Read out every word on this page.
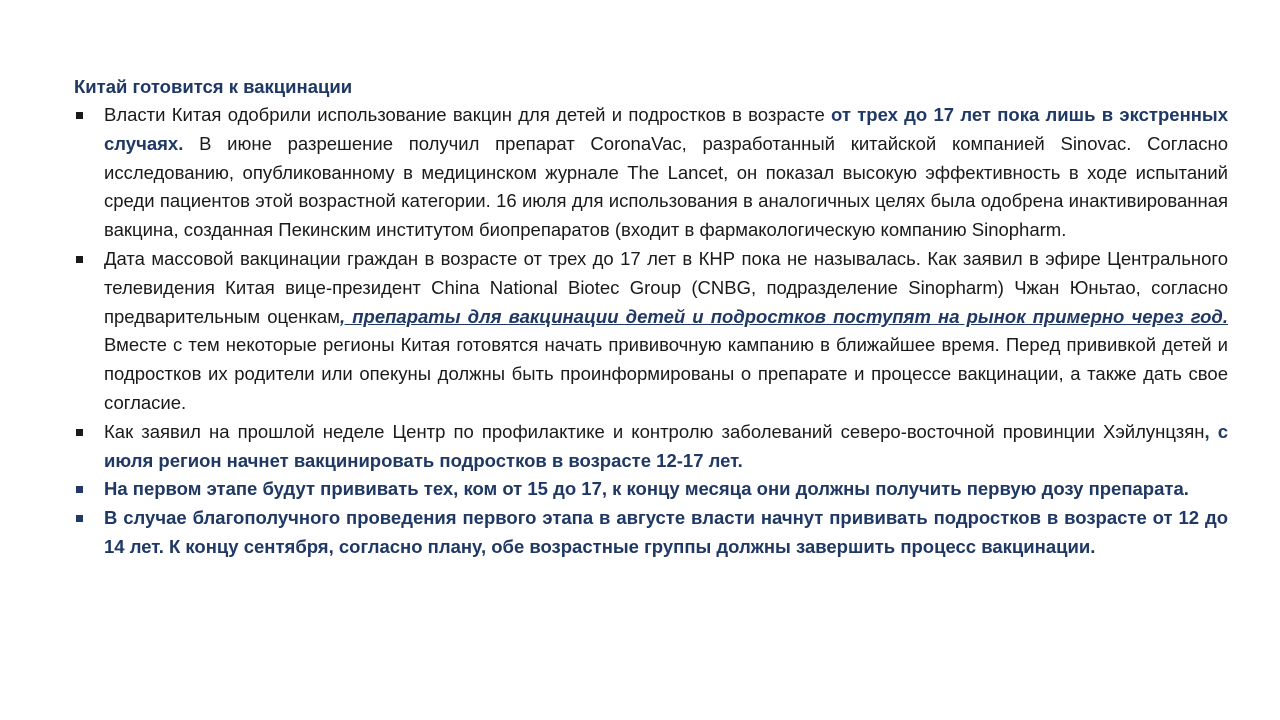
Китай готовится к вакцинации

Власти Китая одобрили использование вакцин для детей и подростков в возрасте от трех до 17 лет пока лишь в экстренных случаях. В июне разрешение получил препарат CoronaVac, разработанный китайской компанией Sinovac. Согласно исследованию, опубликованному в медицинском журнале The Lancet, он показал высокую эффективность в ходе испытаний среди пациентов этой возрастной категории. 16 июля для использования в аналогичных целях была одобрена инактивированная вакцина, созданная Пекинским институтом биопрепаратов (входит в фармакологическую компанию Sinopharm.
Дата массовой вакцинации граждан в возрасте от трех до 17 лет в КНР пока не называлась. Как заявил в эфире Центрального телевидения Китая вице-президент China National Biotec Group (CNBG, подразделение Sinopharm) Чжан Юньтао, согласно предварительным оценкам, препараты для вакцинации детей и подростков поступят на рынок примерно через год. Вместе с тем некоторые регионы Китая готовятся начать прививочную кампанию в ближайшее время. Перед прививкой детей и подростков их родители или опекуны должны быть проинформированы о препарате и процессе вакцинации, а также дать свое согласие.
Как заявил на прошлой неделе Центр по профилактике и контролю заболеваний северо-восточной провинции Хэйлунцзян, с июля регион начнет вакцинировать подростков в возрасте 12-17 лет.
На первом этапе будут прививать тех, ком от 15 до 17, к концу месяца они должны получить первую дозу препарата.
В случае благополучного проведения первого этапа в августе власти начнут прививать подростков в возрасте от 12 до 14 лет. К концу сентября, согласно плану, обе возрастные группы должны завершить процесс вакцинации.
